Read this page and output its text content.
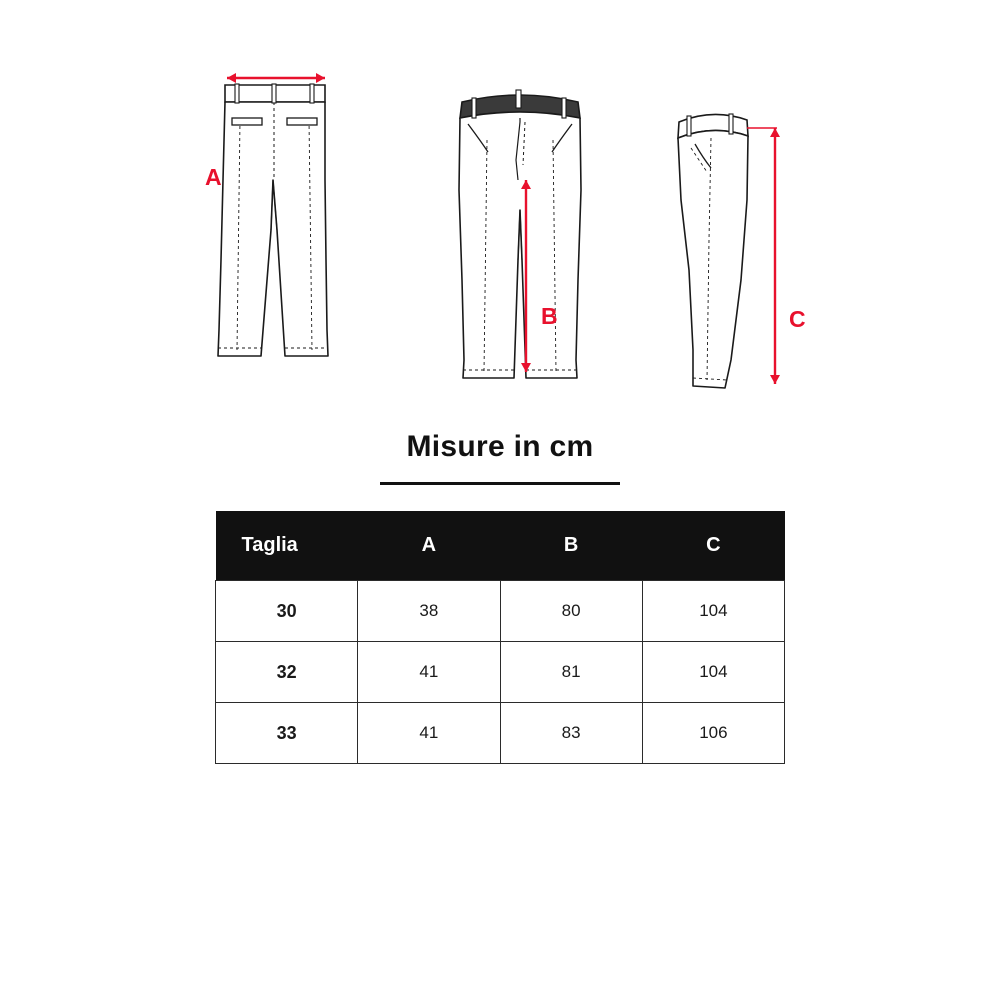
A
B	C
Misure in cm
Taglia	A	B	C
30	38	80	104
32	41	81	104
33	41	83	106
